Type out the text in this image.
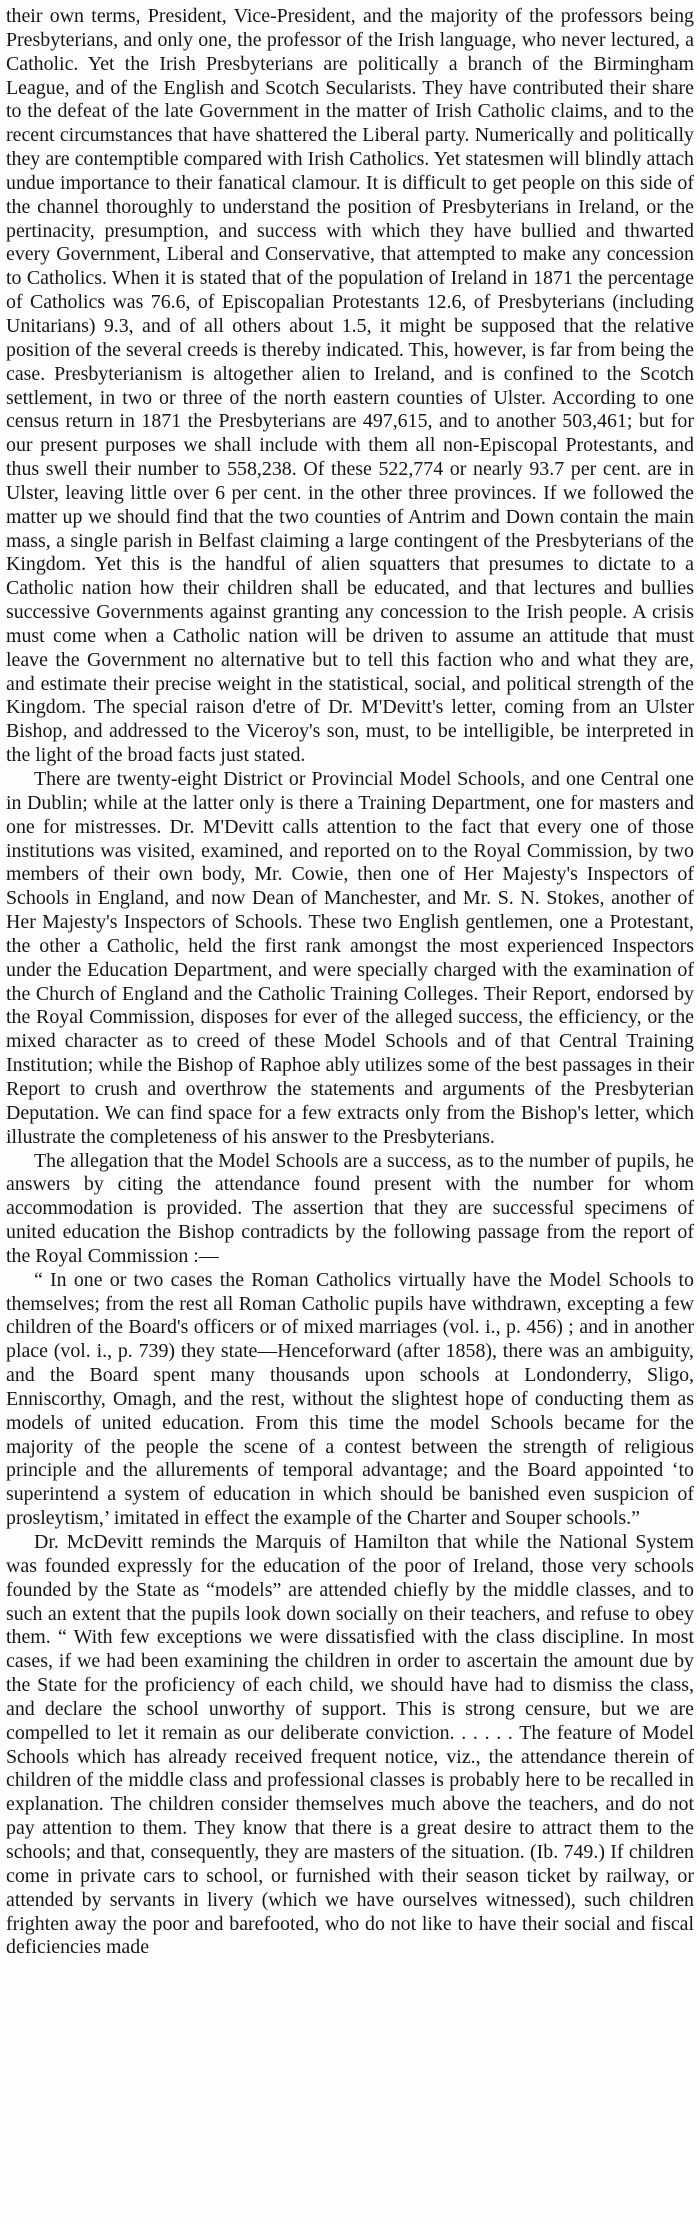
their own terms, President, Vice-President, and the majority of the professors being Presbyterians, and only one, the professor of the Irish language, who never lectured, a Catholic. Yet the Irish Presbyterians are politically a branch of the Birmingham League, and of the English and Scotch Secularists. They have contributed their share to the defeat of the late Government in the matter of Irish Catholic claims, and to the recent circumstances that have shattered the Liberal party. Numerically and politically they are contemptible compared with Irish Catholics. Yet statesmen will blindly attach undue importance to their fanatical clamour. It is difficult to get people on this side of the channel thoroughly to understand the position of Presbyterians in Ireland, or the pertinacity, presumption, and success with which they have bullied and thwarted every Government, Liberal and Conservative, that attempted to make any concession to Catholics. When it is stated that of the population of Ireland in 1871 the percentage of Catholics was 76.6, of Episcopalian Protestants 12.6, of Presbyterians (including Unitarians) 9.3, and of all others about 1.5, it might be supposed that the relative position of the several creeds is thereby indicated. This, however, is far from being the case. Presbyterianism is altogether alien to Ireland, and is confined to the Scotch settlement, in two or three of the north eastern counties of Ulster. According to one census return in 1871 the Presbyterians are 497,615, and to another 503,461; but for our present purposes we shall include with them all non-Episcopal Protestants, and thus swell their number to 558,238. Of these 522,774 or nearly 93.7 per cent. are in Ulster, leaving little over 6 per cent. in the other three provinces. If we followed the matter up we should find that the two counties of Antrim and Down contain the main mass, a single parish in Belfast claiming a large contingent of the Presbyterians of the Kingdom. Yet this is the handful of alien squatters that presumes to dictate to a Catholic nation how their children shall be educated, and that lectures and bullies successive Governments against granting any concession to the Irish people. A crisis must come when a Catholic nation will be driven to assume an attitude that must leave the Government no alternative but to tell this faction who and what they are, and estimate their precise weight in the statistical, social, and political strength of the Kingdom. The special raison d'etre of Dr. M'Devitt's letter, coming from an Ulster Bishop, and addressed to the Viceroy's son, must, to be intelligible, be interpreted in the light of the broad facts just stated.

There are twenty-eight District or Provincial Model Schools, and one Central one in Dublin; while at the latter only is there a Training Department, one for masters and one for mistresses. Dr. M'Devitt calls attention to the fact that every one of those institutions was visited, examined, and reported on to the Royal Commission, by two members of their own body, Mr. Cowie, then one of Her Majesty's Inspectors of Schools in England, and now Dean of Manchester, and Mr. S. N. Stokes, another of Her Majesty's Inspectors of Schools. These two English gentlemen, one a Protestant, the other a Catholic, held the first rank amongst the most experienced Inspectors under the Education Department, and were specially charged with the examination of the Church of England and the Catholic Training Colleges. Their Report, endorsed by the Royal Commission, disposes for ever of the alleged success, the efficiency, or the mixed character as to creed of these Model Schools and of that Central Training Institution; while the Bishop of Raphoe ably utilizes some of the best passages in their Report to crush and overthrow the statements and arguments of the Presbyterian Deputation. We can find space for a few extracts only from the Bishop's letter, which illustrate the completeness of his answer to the Presbyterians.

The allegation that the Model Schools are a success, as to the number of pupils, he answers by citing the attendance found present with the number for whom accommodation is provided. The assertion that they are successful specimens of united education the Bishop contradicts by the following passage from the report of the Royal Commission :—

“ In one or two cases the Roman Catholics virtually have the Model Schools to themselves; from the rest all Roman Catholic pupils have withdrawn, excepting a few children of the Board's officers or of mixed marriages (vol. i., p. 456) ; and in another place (vol. i., p. 739) they state—Henceforward (after 1858), there was an ambiguity, and the Board spent many thousands upon schools at Londonderry, Sligo, Enniscorthy, Omagh, and the rest, without the slightest hope of conducting them as models of united education. From this time the model Schools became for the majority of the people the scene of a contest between the strength of religious principle and the allurements of temporal advantage; and the Board appointed ‘to superintend a system of education in which should be banished even suspicion of proslеytism,’ imitated in effect the example of the Charter and Souper schools.”

Dr. McDevitt reminds the Marquis of Hamilton that while the National System was founded expressly for the education of the poor of Ireland, those very schools founded by the State as “models” are attended chiefly by the middle classes, and to such an extent that the pupils look down socially on their teachers, and refuse to obey them. “ With few exceptions we were dissatisfied with the class discipline. In most cases, if we had been examining the children in order to ascertain the amount due by the State for the proficiency of each child, we should have had to dismiss the class, and declare the school unworthy of support. This is strong censure, but we are compelled to let it remain as our deliberate conviction. . . . . . The feature of Model Schools which has already received frequent notice, viz., the attendance therein of children of the middle class and professional classes is probably here to be recalled in explanation. The children consider themselves much above the teachers, and do not pay attention to them. They know that there is a great desire to attract them to the schools; and that, consequently, they are masters of the situation. (Ib. 749.) If children come in private cars to school, or furnished with their season ticket by railway, or attended by servants in livery (which we have ourselves witnessed), such children frighten away the poor and barefooted, who do not like to have their social and fiscal deficiencies made
